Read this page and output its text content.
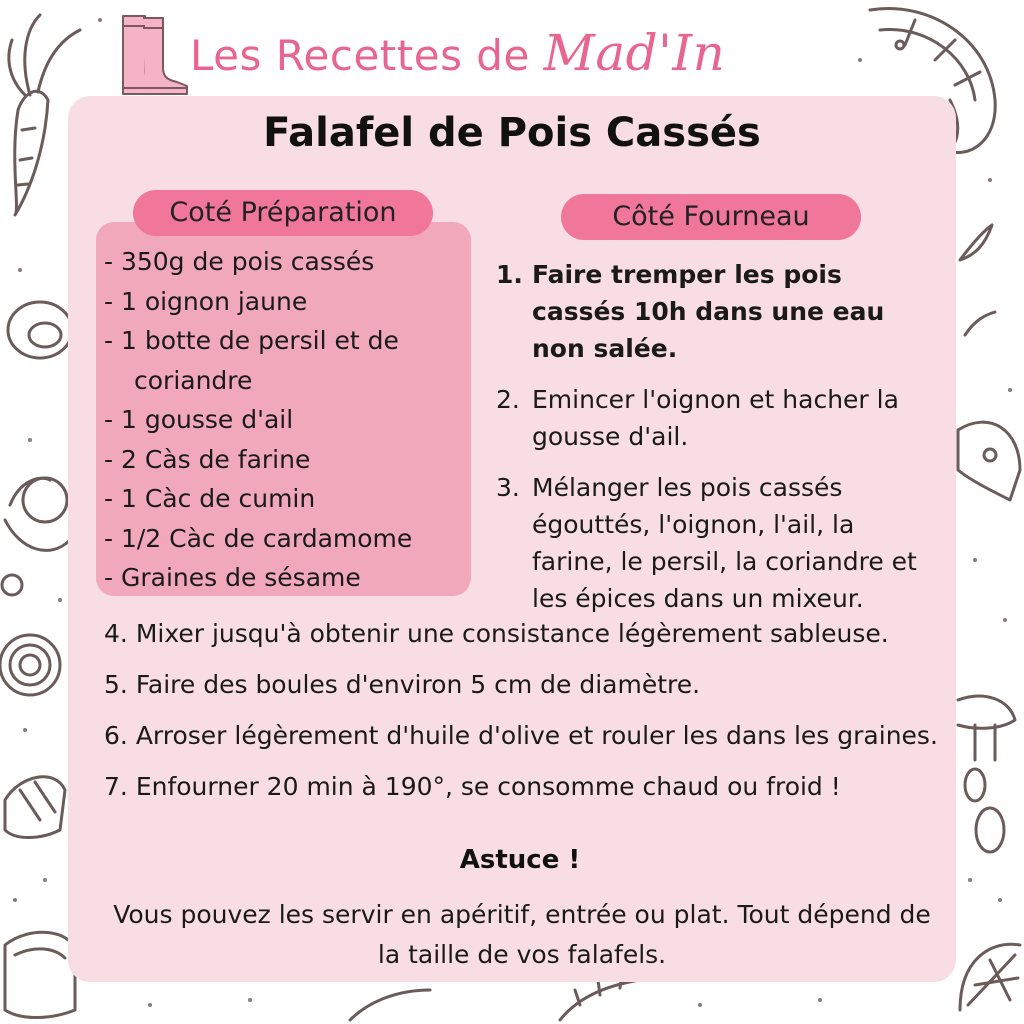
Les Recettes de Mad'In
Falafel de Pois Cassés
Coté Préparation	Côté Fourneau
- 350g de pois cassés
- 1 oignon jaune
- 1 botte de persil et de
coriandre
- 1 gousse d'ail
- 2 Càs de farine
- 1 Càc de cumin
- 1/2 Càc de cardamome
- Graines de sésame
1. Faire tremper les pois cassés 10h dans une eau non salée.
2. Emincer l'oignon et hacher la gousse d'ail.
3. Mélanger les pois cassés égouttés, l'oignon, l'ail, la farine, le persil, la coriandre et les épices dans un mixeur.
4. Mixer jusqu'à obtenir une consistance légèrement sableuse.
5. Faire des boules d'environ 5 cm de diamètre.
6. Arroser légèrement d'huile d'olive et rouler les dans les graines.
7. Enfourner 20 min à 190°, se consomme chaud ou froid !
Astuce !
Vous pouvez les servir en apéritif, entrée ou plat. Tout dépend de la taille de vos falafels.
